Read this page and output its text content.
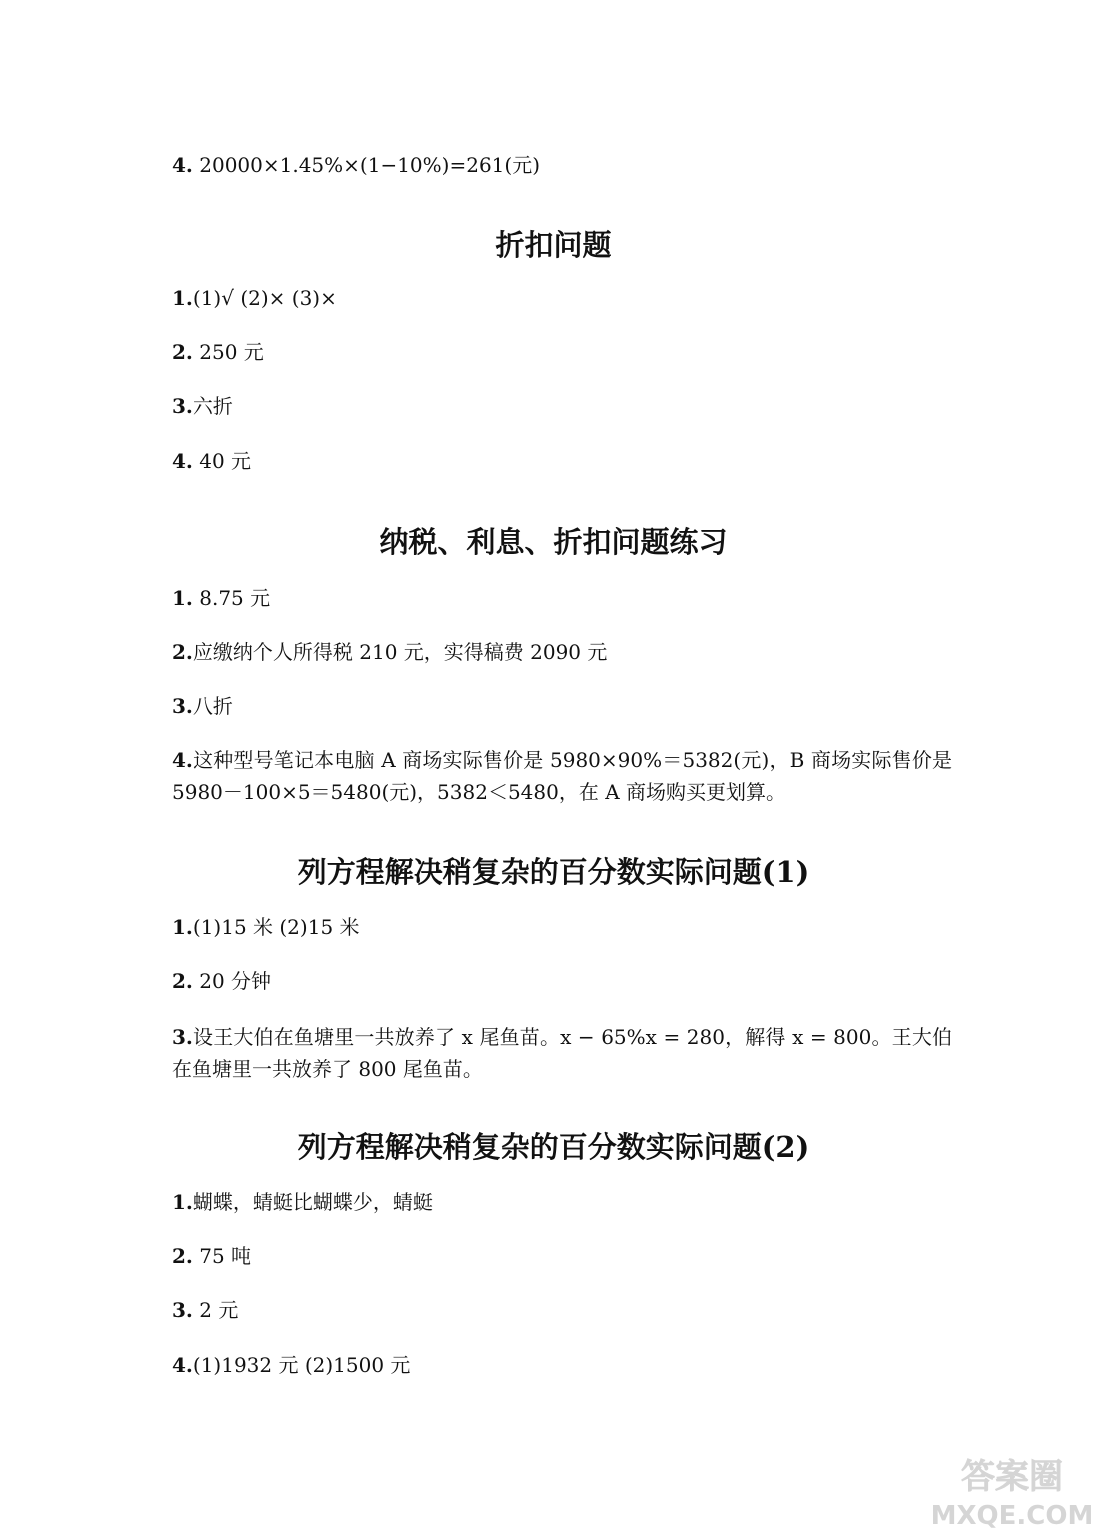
4. 20000×1.45%×(1−10%)=261(元)
折扣问题
1.(1)√ (2)× (3)×
2. 250 元
3.六折
4. 40 元
纳税、利息、折扣问题练习
1. 8.75 元
2.应缴纳个人所得税 210 元，实得稿费 2090 元
3.八折
4.这种型号笔记本电脑 A 商场实际售价是 5980×90%＝5382(元)，B 商场实际售价是 5980－100×5＝5480(元)，5382＜5480，在 A 商场购买更划算。
列方程解决稍复杂的百分数实际问题(1)
1.(1)15 米 (2)15 米
2. 20 分钟
3.设王大伯在鱼塘里一共放养了 x 尾鱼苗。x − 65%x = 280，解得 x = 800。王大伯在鱼塘里一共放养了 800 尾鱼苗。
列方程解决稍复杂的百分数实际问题(2)
1.蝴蝶，蜻蜓比蝴蝶少，蜻蜓
2. 75 吨
3. 2 元
4.(1)1932 元 (2)1500 元
答案圈
MXQE.COM
